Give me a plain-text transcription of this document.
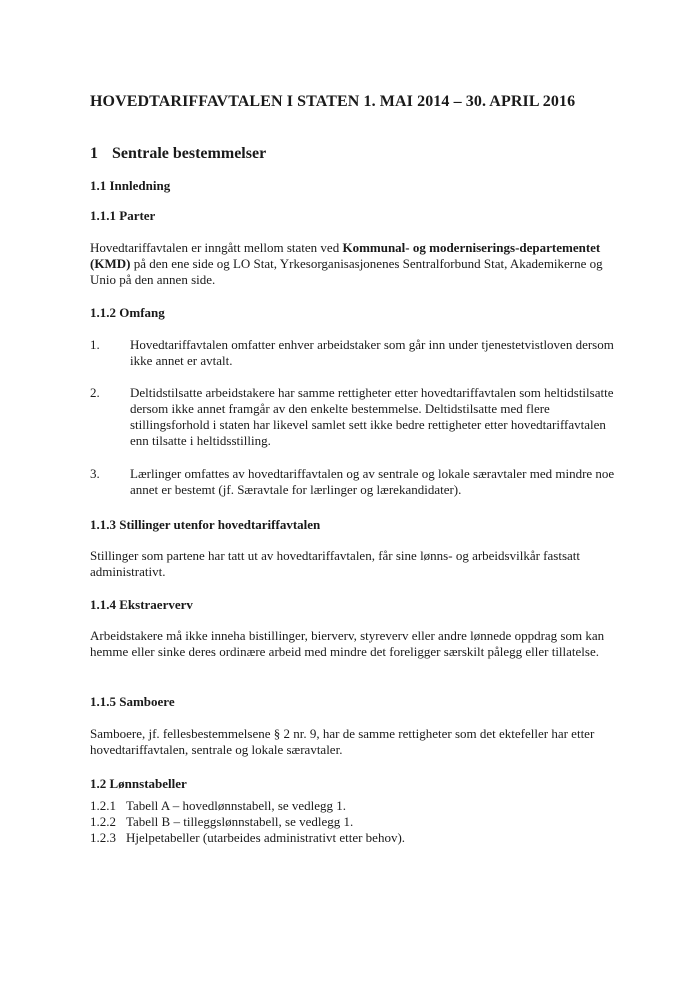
HOVEDTARIFFAVTALEN I STATEN 1. MAI 2014 – 30. APRIL 2016
1 Sentrale bestemmelser
1.1 Innledning
1.1.1 Parter
Hovedtariffavtalen er inngått mellom staten ved Kommunal- og moderniserings-departementet (KMD) på den ene side og LO Stat, Yrkesorganisasjonenes Sentralforbund Stat, Akademikerne og Unio på den annen side.
1.1.2 Omfang
1. Hovedtariffavtalen omfatter enhver arbeidstaker som går inn under tjenestetvistloven dersom ikke annet er avtalt.
2. Deltidstilsatte arbeidstakere har samme rettigheter etter hovedtariffavtalen som heltidstilsatte dersom ikke annet framgår av den enkelte bestemmelse. Deltidstilsatte med flere stillingsforhold i staten har likevel samlet sett ikke bedre rettigheter etter hovedtariffavtalen enn tilsatte i heltidsstilling.
3. Lærlinger omfattes av hovedtariffavtalen og av sentrale og lokale særavtaler med mindre noe annet er bestemt (jf. Særavtale for lærlinger og lærekandidater).
1.1.3 Stillinger utenfor hovedtariffavtalen
Stillinger som partene har tatt ut av hovedtariffavtalen, får sine lønns- og arbeidsvilkår fastsatt administrativt.
1.1.4 Ekstraerverv
Arbeidstakere må ikke inneha bistillinger, bierverv, styreverv eller andre lønnede oppdrag som kan hemme eller sinke deres ordinære arbeid med mindre det foreligger særskilt pålegg eller tillatelse.
1.1.5 Samboere
Samboere, jf. fellesbestemmelsene § 2 nr. 9, har de samme rettigheter som det ektefeller har etter hovedtariffavtalen, sentrale og lokale særavtaler.
1.2 Lønnstabeller
1.2.1 Tabell A – hovedlønnstabell, se vedlegg 1.
1.2.2 Tabell B – tilleggslønnstabell, se vedlegg 1.
1.2.3 Hjelpetabeller (utarbeides administrativt etter behov).
